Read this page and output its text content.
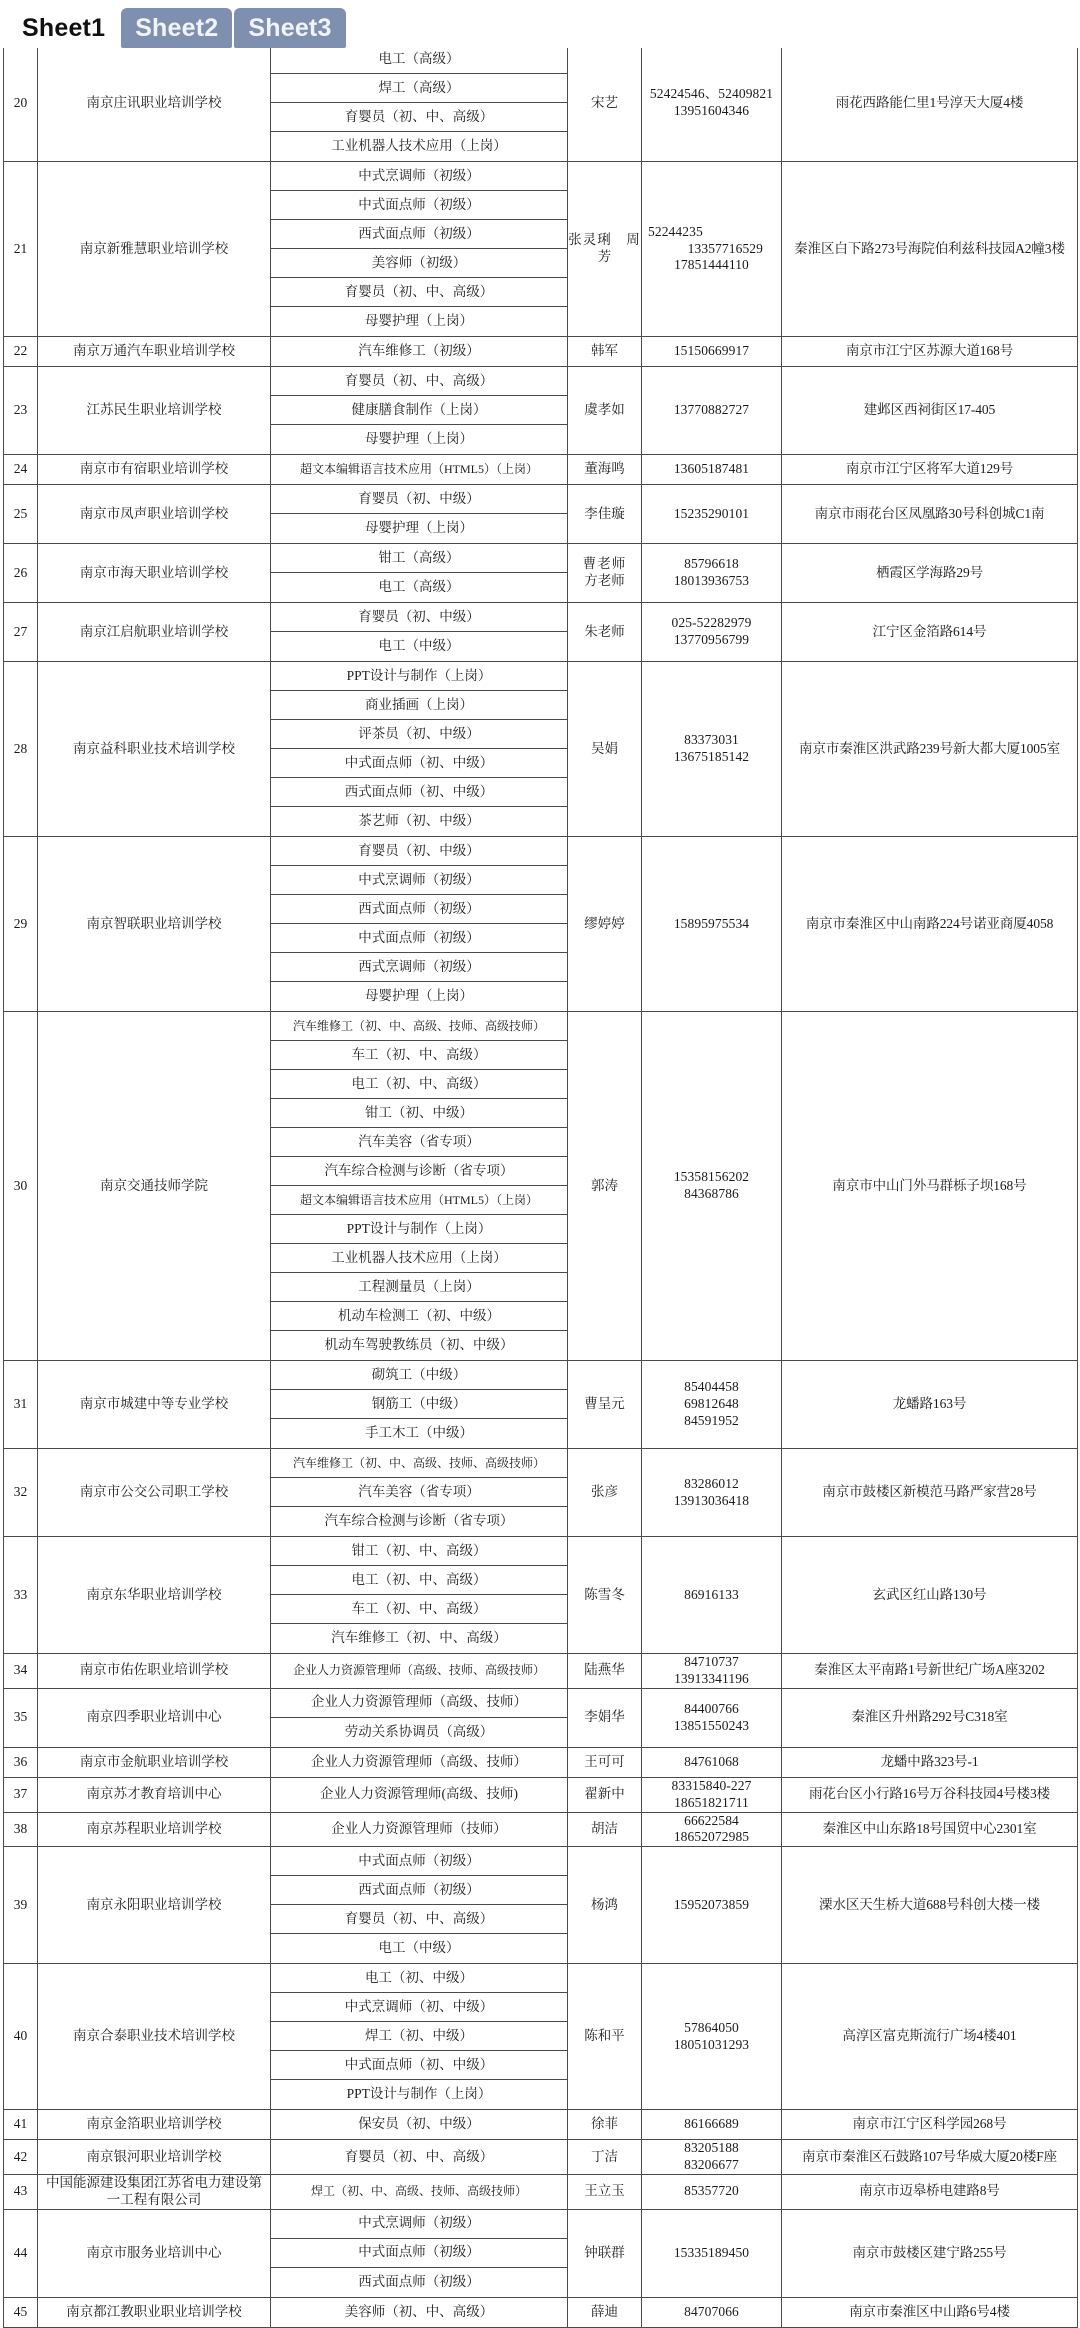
Sheet1 Sheet2 Sheet3
20	南京庄讯职业培训学校	
电工（高级）
焊工（高级）
育婴员（初、中、高级）
工业机器人技术应用（上岗）
	宋艺	
52424546、52409821
13951604346
	雨花西路能仁里1号淳天大厦4楼
21	南京新雅慧职业培训学校	
中式烹调师（初级）
中式面点师（初级）
西式面点师（初级）
美容师（初级）
育婴员（初、中、高级）
母婴护理（上岗）

张灵琍　周
芳

52244235
13357716529
17851444110
	秦淮区白下路273号海院伯利兹科技园A2幢3楼
22	南京万通汽车职业培训学校	汽车维修工（初级）	韩军	15150669917	南京市江宁区苏源大道168号
23	江苏民生职业培训学校	育婴员（初、中、高级）
健康膳食制作（上岗）
母婴护理（上岗）	虞孝如	13770882727	建邺区西祠街区17-405
24	南京市有宿职业培训学校	超文本编辑语言技术应用（HTML5）（上岗）	董海鸣	13605187481	南京市江宁区将军大道129号
25	南京市凤声职业培训学校	育婴员（初、中级）
母婴护理（上岗）	李佳璇	15235290101	南京市雨花台区凤凰路30号科创城C1南
26	南京市海天职业培训学校	
钳工（高级）
电工（高级）

曹老师
方老师

85796618
18013936753
	栖霞区学海路29号
27	南京江启航职业培训学校	
育婴员（初、中级）
电工（中级）
	朱老师	
025-52282979
13770956799
	江宁区金箔路614号
28	南京益科职业技术培训学校	
PPT设计与制作（上岗）
商业插画（上岗）
评茶员（初、中级）
中式面点师（初、中级）
西式面点师（初、中级）
茶艺师（初、中级）
	吴娟	
83373031
13675185142
	南京市秦淮区洪武路239号新大都大厦1005室
29	南京智联职业培训学校	
育婴员（初、中级）
中式烹调师（初级）
西式面点师（初级）
中式面点师（初级）
西式烹调师（初级）
母婴护理（上岗）
	缪婷婷	15895975534	南京市秦淮区中山南路224号诺亚商厦4058
30	南京交通技师学院	
汽车维修工（初、中、高级、技师、高级技师）
车工（初、中、高级）
电工（初、中、高级）
钳工（初、中级）
汽车美容（省专项）
汽车综合检测与诊断（省专项）
超文本编辑语言技术应用（HTML5）（上岗）
PPT设计与制作（上岗）
工业机器人技术应用（上岗）
工程测量员（上岗）
机动车检测工（初、中级）
机动车驾驶教练员（初、中级）
	郭涛	
15358156202
84368786
	南京市中山门外马群栎子坝168号
31	南京市城建中等专业学校	
砌筑工（中级）
钢筋工（中级）
手工木工（中级）
	曹呈元	
85404458
69812648
84591952
	龙蟠路163号
32	南京市公交公司职工学校	
汽车维修工（初、中、高级、技师、高级技师）
汽车美容（省专项）
汽车综合检测与诊断（省专项）
	张彦	
83286012
13913036418
	南京市鼓楼区新模范马路严家营28号
33	南京东华职业培训学校	钳工（初、中、高级）
电工（初、中、高级）
车工（初、中、高级）
汽车维修工（初、中、高级）	陈雪冬	86916133	玄武区红山路130号
34	南京市佑佐职业培训学校	企业人力资源管理师（高级、技师、高级技师）	陆燕华	84710737
13913341196	秦淮区太平南路1号新世纪广场A座3202
35	南京四季职业培训中心	
企业人力资源管理师（高级、技师）
劳动关系协调员（高级）
	李娟华	
84400766
13851550243
	秦淮区升州路292号C318室
36	南京市金航职业培训学校	企业人力资源管理师（高级、技师）	王可可	84761068	龙蟠中路323号-1
37	南京苏才教育培训中心	企业人力资源管理师(高级、技师)	翟新中	83315840-227
18651821711	雨花台区小行路16号万谷科技园4号楼3楼
38	南京苏程职业培训学校	企业人力资源管理师（技师）	胡洁	66622584
18652072985	秦淮区中山东路18号国贸中心2301室
39	南京永阳职业培训学校	中式面点师（初级）
西式面点师（初级）
育婴员（初、中、高级）
电工（中级）	杨鸿	15952073859	溧水区天生桥大道688号科创大楼一楼
40	南京合泰职业技术培训学校	
电工（初、中级）
中式烹调师（初、中级）
焊工（初、中级）
中式面点师（初、中级）
PPT设计与制作（上岗）
	陈和平	
57864050
18051031293
	高淳区富克斯流行广场4楼401
41	南京金箔职业培训学校	保安员（初、中级）	徐菲	86166689	南京市江宁区科学园268号
42	南京银河职业培训学校	育婴员（初、中、高级）	丁洁	83205188
83206677	南京市秦淮区石鼓路107号华威大厦20楼F座
43	中国能源建设集团江苏省电力建设第
一工程有限公司	焊工（初、中、高级、技师、高级技师）	王立玉	85357720	南京市迈皋桥电建路8号
44	南京市服务业培训中心	中式烹调师（初级）
中式面点师（初级）
西式面点师（初级）	钟联群	15335189450	南京市鼓楼区建宁路255号
45	南京都江教职业职业培训学校	美容师（初、中、高级）	薛迪	84707066	南京市秦淮区中山路6号4楼
